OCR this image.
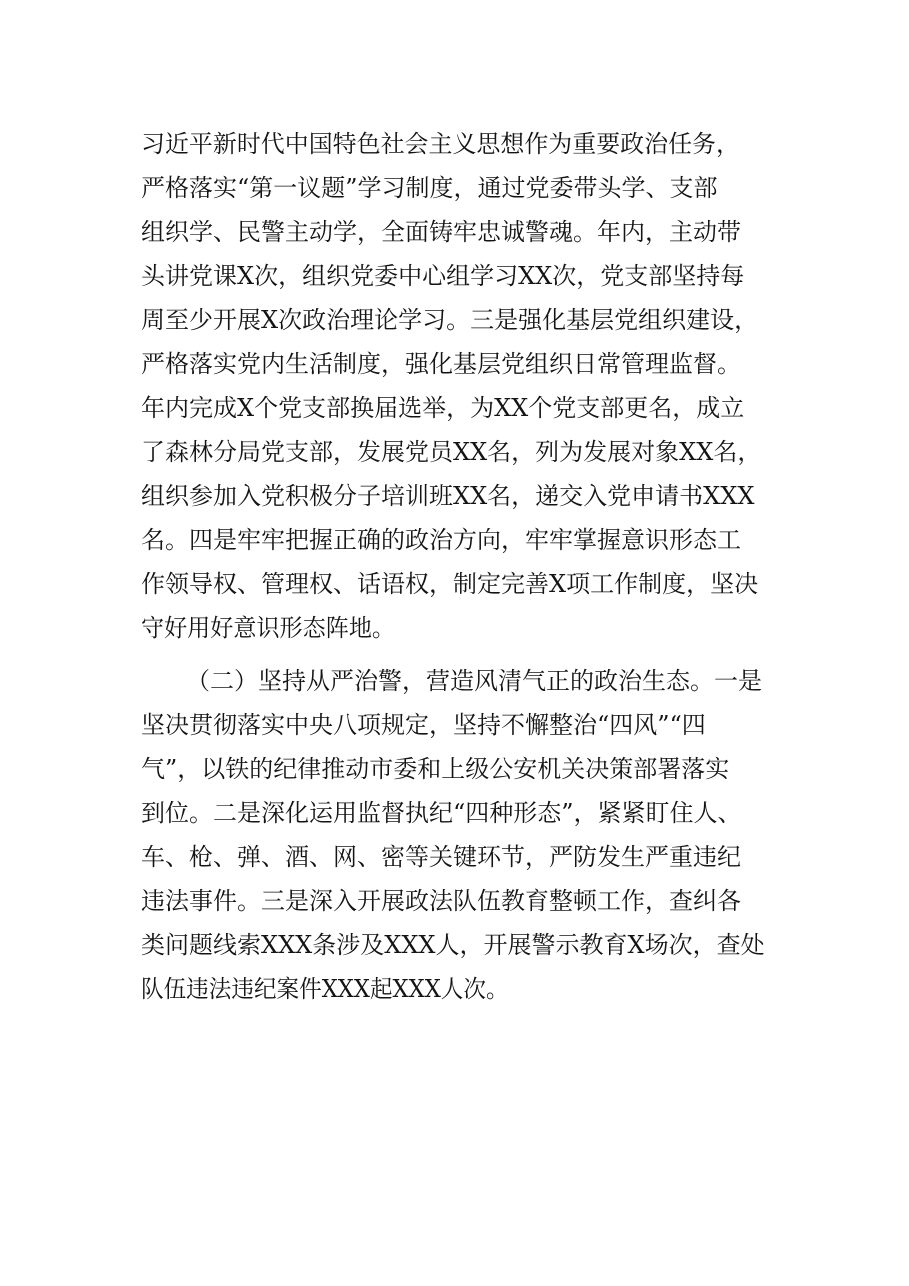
习近平新时代中国特色社会主义思想作为重要政治任务，
严格落实“第一议题”学习制度，通过党委带头学、支部
组织学、民警主动学，全面铸牢忠诚警魂。年内，主动带
头讲党课X次，组织党委中心组学习XX次，党支部坚持每
周至少开展X次政治理论学习。三是强化基层党组织建设，
严格落实党内生活制度，强化基层党组织日常管理监督。
年内完成X个党支部换届选举，为XX个党支部更名，成立
了森林分局党支部，发展党员XX名，列为发展对象XX名，
组织参加入党积极分子培训班XX名，递交入党申请书XXX
名。四是牢牢把握正确的政治方向，牢牢掌握意识形态工
作领导权、管理权、话语权，制定完善X项工作制度，坚决
守好用好意识形态阵地。
（二）坚持从严治警，营造风清气正的政治生态。一是
坚决贯彻落实中央八项规定，坚持不懈整治“四风”“四
气”，以铁的纪律推动市委和上级公安机关决策部署落实
到位。二是深化运用监督执纪“四种形态”，紧紧盯住人、
车、枪、弹、酒、网、密等关键环节，严防发生严重违纪
违法事件。三是深入开展政法队伍教育整顿工作，查纠各
类问题线索XXX条涉及XXX人，开展警示教育X场次，查处
队伍违法违纪案件XXX起XXX人次。
